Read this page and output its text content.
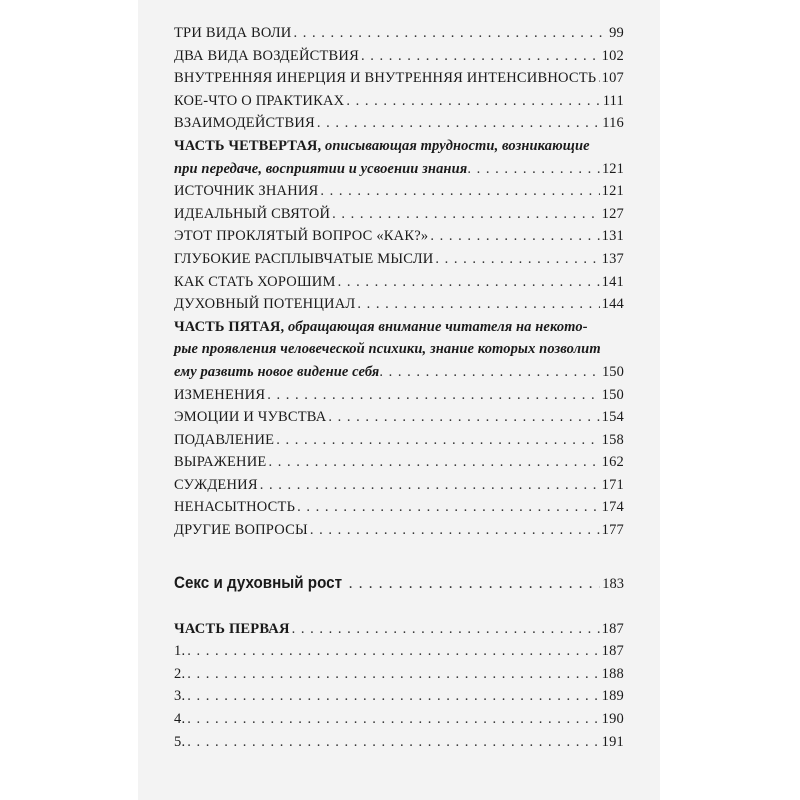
ТРИ ВИДА ВОЛИ . . .	99
ДВА ВИДА ВОЗДЕЙСТВИЯ . . .	102
ВНУТРЕННЯЯ ИНЕРЦИЯ И ВНУТРЕННЯЯ ИНТЕНСИВНОСТЬ . . . 107
КОЕ-ЧТО О ПРАКТИКАХ . . .	111
ВЗАИМОДЕЙСТВИЯ . . .	116
ЧАСТЬ ЧЕТВЕРТАЯ,
описывающая трудности, возникающие
при передаче, восприятии и усвоении знания . . .	121
ИСТОЧНИК ЗНАНИЯ . . .	121
ИДЕАЛЬНЫЙ СВЯТОЙ . . .	127
ЭТОТ ПРОКЛЯТЫЙ ВОПРОС «КАК?» . . .	131
ГЛУБОКИЕ РАСПЛЫВЧАТЫЕ МЫСЛИ . . .	137
КАК СТАТЬ ХОРОШИМ . . .	141
ДУХОВНЫЙ ПОТЕНЦИАЛ . . .	144
ЧАСТЬ ПЯТАЯ,
обращающая внимание читателя на некото-
рые проявления человеческой психики, знание которых позволит
ему развить новое видение себя . . .	150
ИЗМЕНЕНИЯ . . .	150
ЭМОЦИИ И ЧУВСТВА . . .	154
ПОДАВЛЕНИЕ . . .	158
ВЫРАЖЕНИЕ . . .	162
СУЖДЕНИЯ . . .	171
НЕНАСЫТНОСТЬ . . .	174
ДРУГИЕ ВОПРОСЫ . . .	177
Секс и духовный рост . . .	183
ЧАСТЬ ПЕРВАЯ . . .	187
1. . . .	187
2. . . .	188
3. . . .	189
4. . . .	190
5. . . .	191
